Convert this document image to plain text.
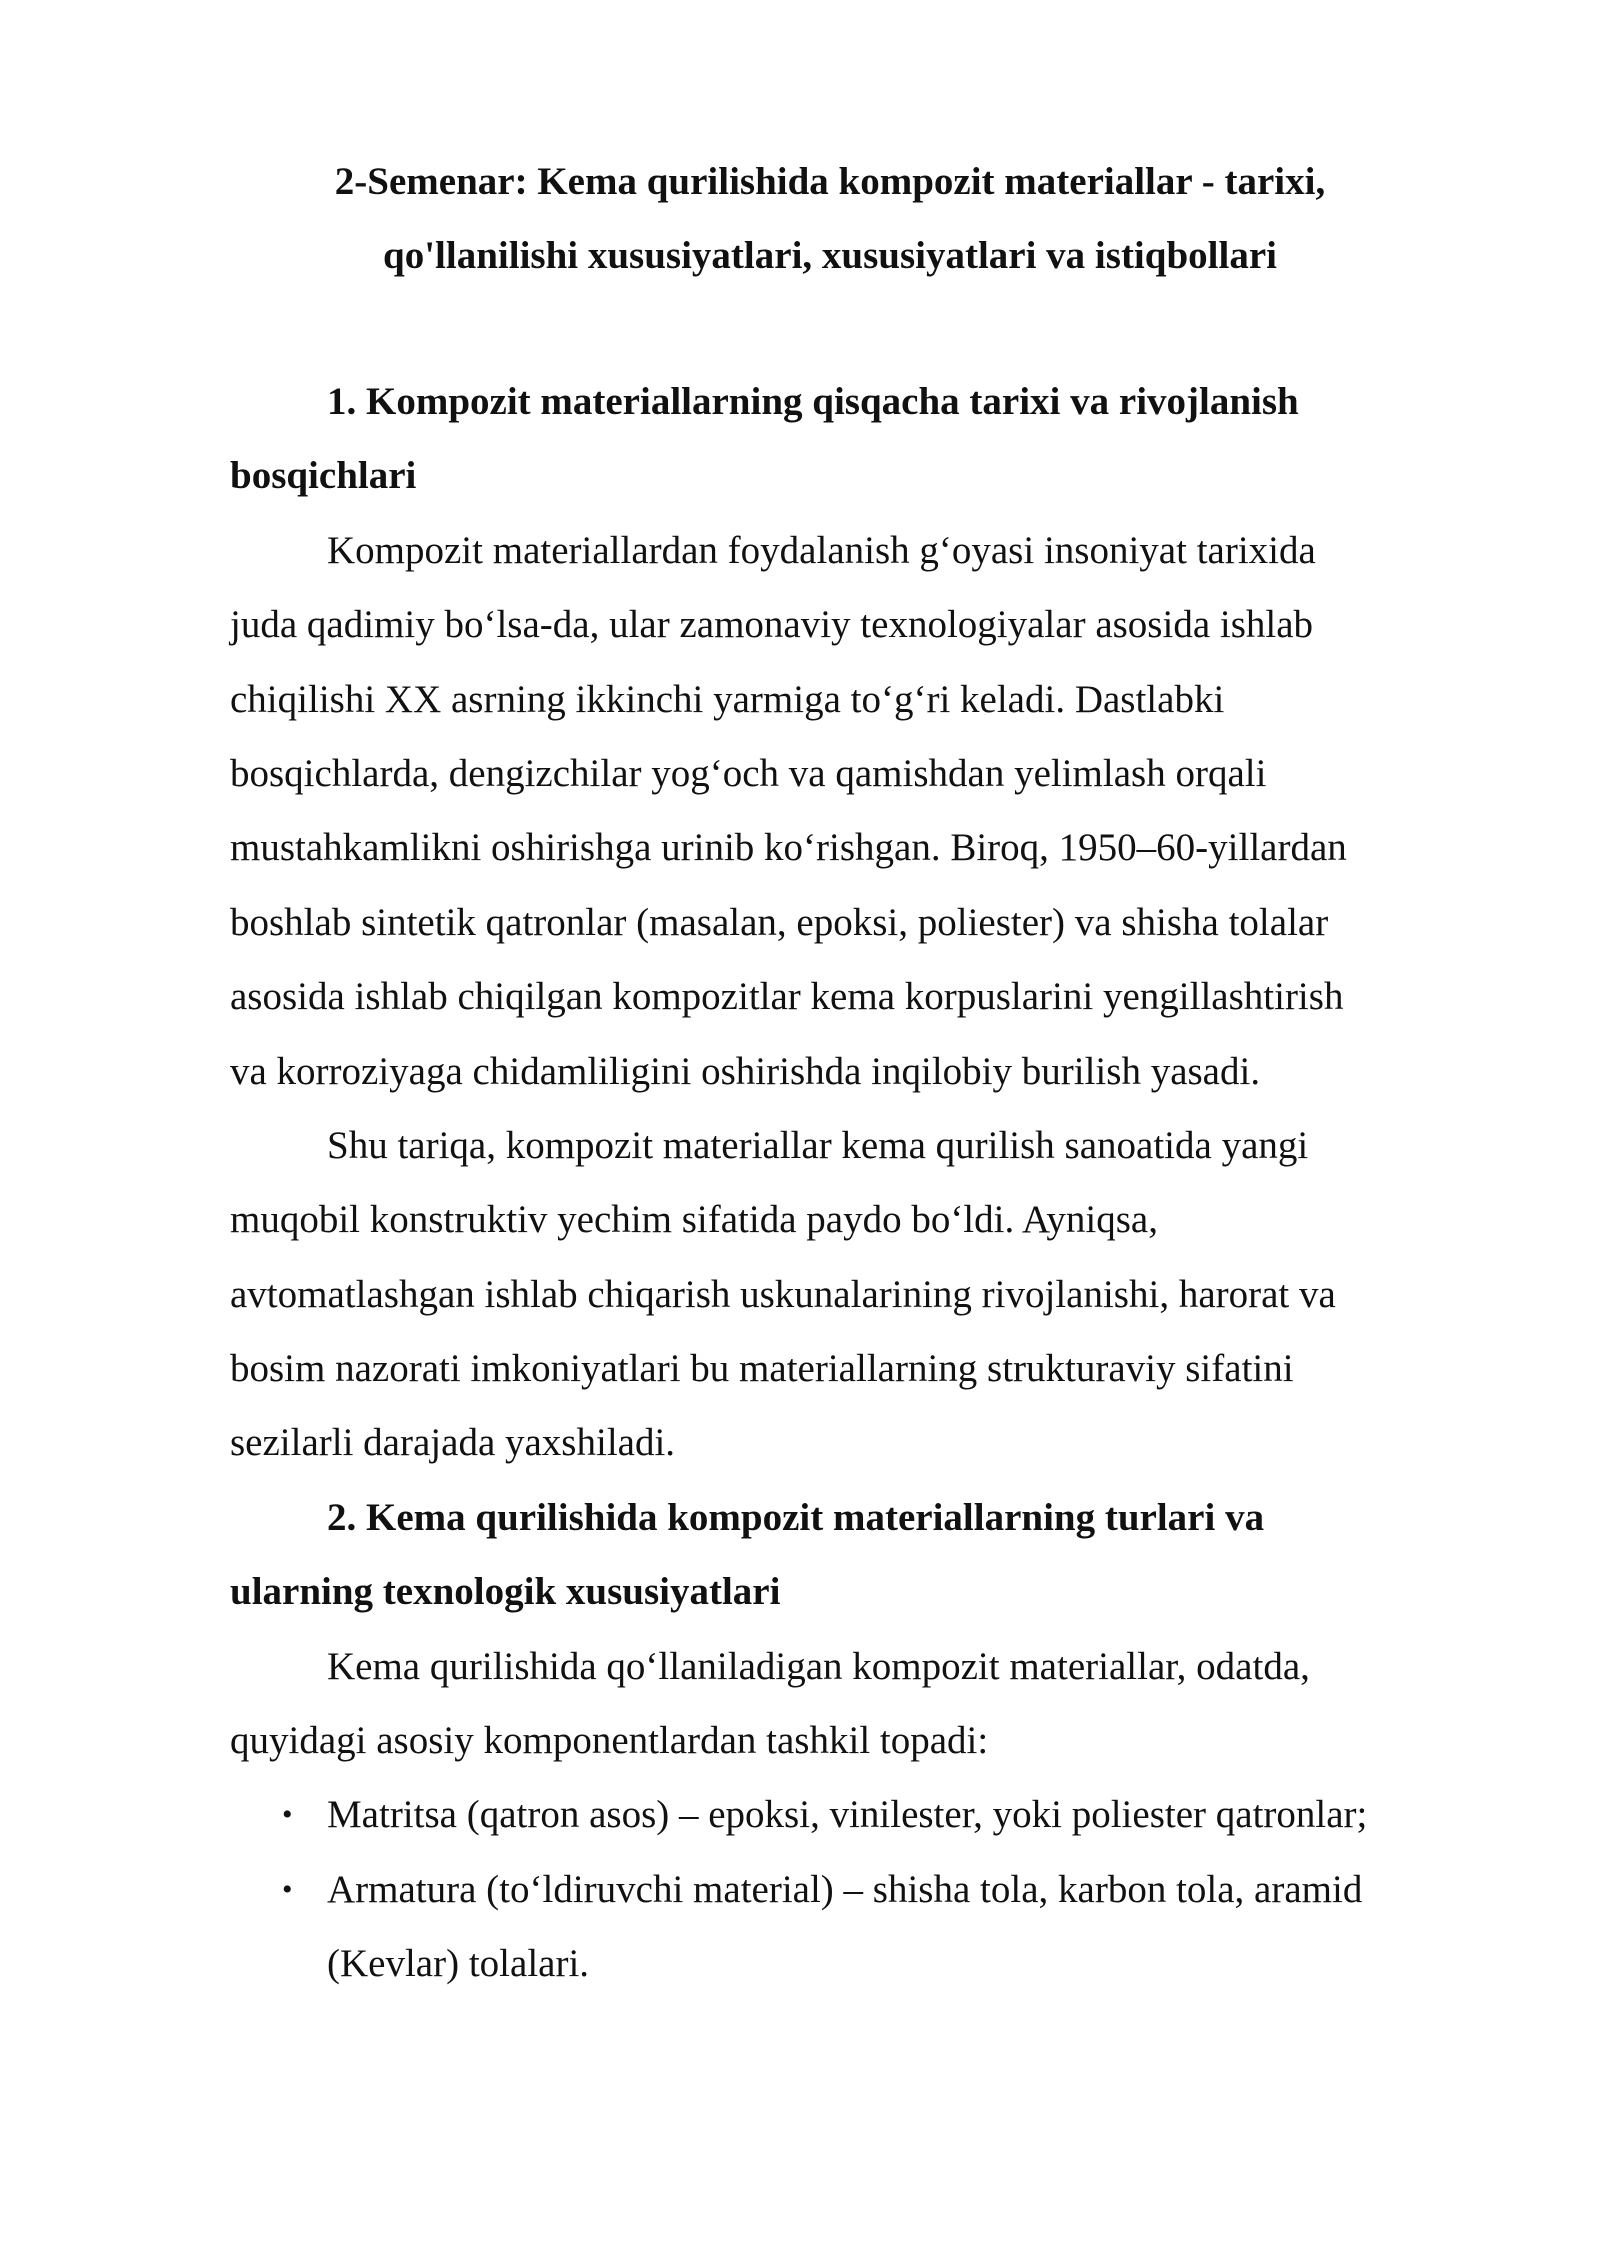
2-Semenar: Kema qurilishida kompozit materiallar - tarixi,
qo'llanilishi xususiyatlari, xususiyatlari va istiqbollari
1. Kompozit materiallarning qisqacha tarixi va rivojlanish
bosqichlari
Kompozit materiallardan foydalanish g‘oyasi insoniyat tarixida
juda qadimiy bo‘lsa-da, ular zamonaviy texnologiyalar asosida ishlab
chiqilishi XX asrning ikkinchi yarmiga to‘g‘ri keladi. Dastlabki
bosqichlarda, dengizchilar yog‘och va qamishdan yelimlash orqali
mustahkamlikni oshirishga urinib ko‘rishgan. Biroq, 1950–60-yillardan
boshlab sintetik qatronlar (masalan, epoksi, poliester) va shisha tolalar
asosida ishlab chiqilgan kompozitlar kema korpuslarini yengillashtirish
va korroziyaga chidamliligini oshirishda inqilobiy burilish yasadi.
Shu tariqa, kompozit materiallar kema qurilish sanoatida yangi
muqobil konstruktiv yechim sifatida paydo bo‘ldi. Ayniqsa,
avtomatlashgan ishlab chiqarish uskunalarining rivojlanishi, harorat va
bosim nazorati imkoniyatlari bu materiallarning strukturaviy sifatini
sezilarli darajada yaxshiladi.
2. Kema qurilishida kompozit materiallarning turlari va
ularning texnologik xususiyatlari
Kema qurilishida qo‘llaniladigan kompozit materiallar, odatda,
quyidagi asosiy komponentlardan tashkil topadi:
• Matritsa (qatron asos) – epoksi, vinilester, yoki poliester qatronlar;
• Armatura (to‘ldiruvchi material) – shisha tola, karbon tola, aramid
(Kevlar) tolalari.
